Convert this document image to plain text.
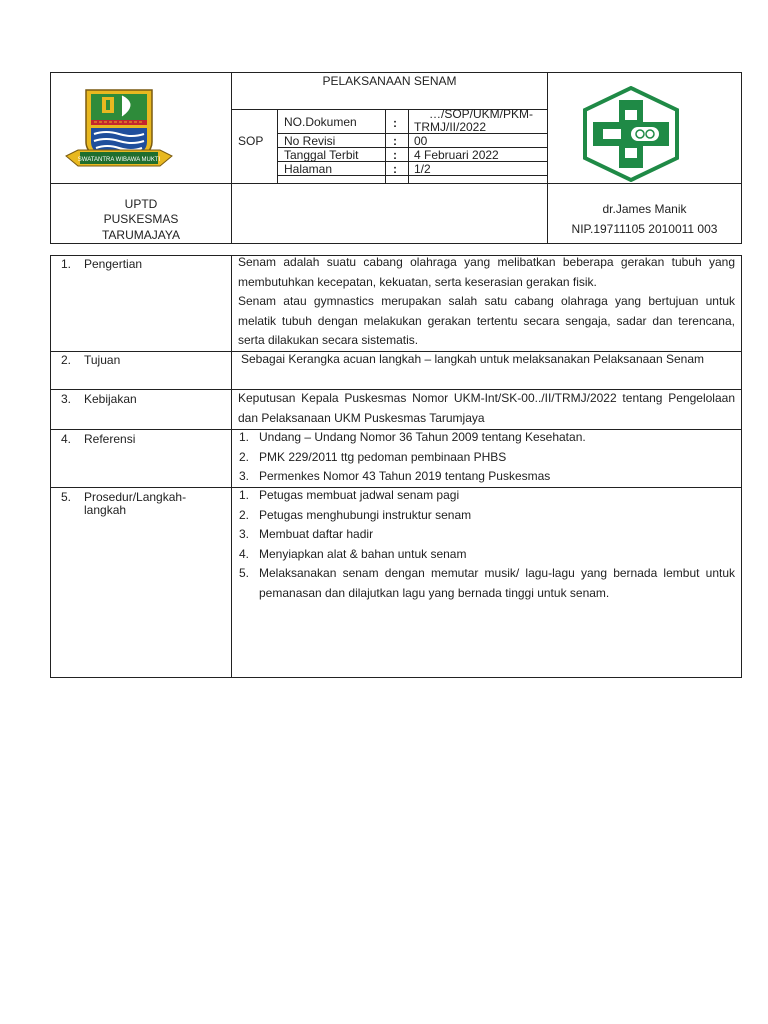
SWATANTRA WIBAWA MUKTI
PELAKSANAAN SENAM
SOP
NO.Dokumen	:
…/SOP/UKM/PKM-
TRMJ/II/2022
No Revisi	: 00
Tanggal Terbit	: 4 Februari 2022
Halaman	: 1/2
UPTD
PUSKESMAS
TARUMAJAYA
dr.James Manik
NIP.19711105 2010011 003
1. Pengertian	Senam adalah suatu cabang olahraga yang melibatkan beberapa gerakan tubuh yang membutuhkan kecepatan, kekuatan, serta keserasian gerakan fisik.

Senam atau gymnastics merupakan salah satu cabang olahraga yang bertujuan untuk melatik tubuh dengan melakukan gerakan tertentu secara sengaja, sadar dan terencana, serta dilakukan secara sistematis.

2. Tujuan	Sebagai Kerangka acuan langkah – langkah untuk melaksanakan Pelaksanaan Senam

3. Kebijakan	Keputusan Kepala Puskesmas Nomor UKM-Int/SK-00../II/TRMJ/2022 tentang Pengelolaan dan Pelaksanaan UKM Puskesmas Tarumjaya

4. Referensi	1. Undang – Undang Nomor 36 Tahun 2009 tentang Kesehatan.
2. PMK 229/2011 ttg pedoman pembinaan PHBS
3. Permenkes Nomor 43 Tahun 2019 tentang Puskesmas
5. Prosedur/Langkah-
langkah
1. Petugas membuat jadwal senam pagi
2. Petugas menghubungi instruktur senam
3. Membuat daftar hadir
4. Menyiapkan alat & bahan untuk senam
5. Melaksanakan senam dengan memutar musik/ lagu-lagu yang bernada lembut untuk pemanasan dan dilajutkan lagu yang bernada tinggi untuk senam.
